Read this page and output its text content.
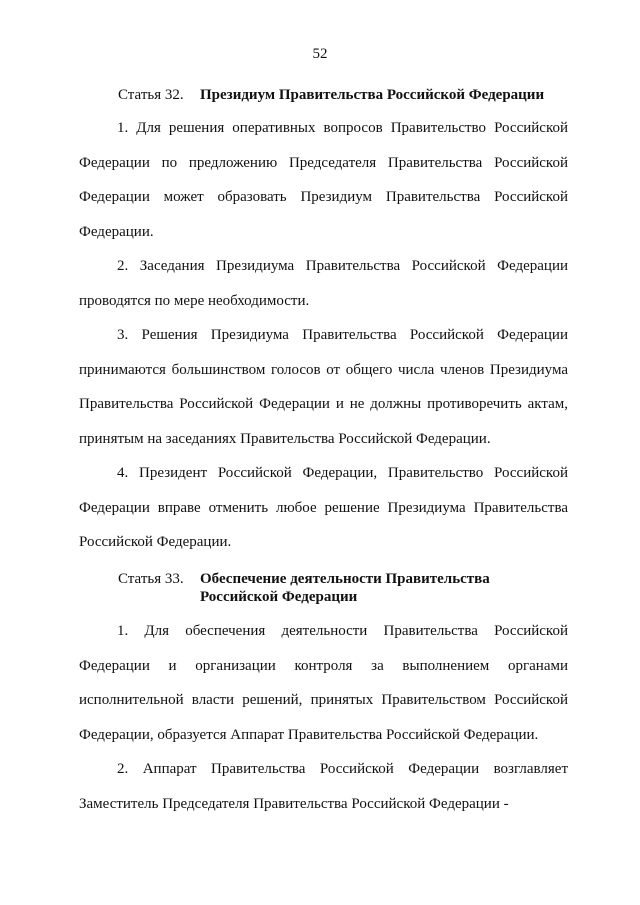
52
Статья 32.	Президиум Правительства Российской Федерации

1. Для решения оперативных вопросов Правительство Российской Федерации по предложению Председателя Правительства Российской Федерации может образовать Президиум Правительства Российской Федерации.

2. Заседания Президиума Правительства Российской Федерации проводятся по мере необходимости.

3. Решения Президиума Правительства Российской Федерации принимаются большинством голосов от общего числа членов Президиума Правительства Российской Федерации и не должны противоречить актам, принятым на заседаниях Правительства Российской Федерации.

4. Президент Российской Федерации, Правительство Российской Федерации вправе отменить любое решение Президиума Правительства Российской Федерации.

Статья 33.	Обеспечение деятельности Правительства
Российской Федерации

1. Для обеспечения деятельности Правительства Российской Федерации и организации контроля за выполнением органами исполнительной власти решений, принятых Правительством Российской Федерации, образуется Аппарат Правительства Российской Федерации.

2. Аппарат Правительства Российской Федерации возглавляет Заместитель Председателя Правительства Российской Федерации -
